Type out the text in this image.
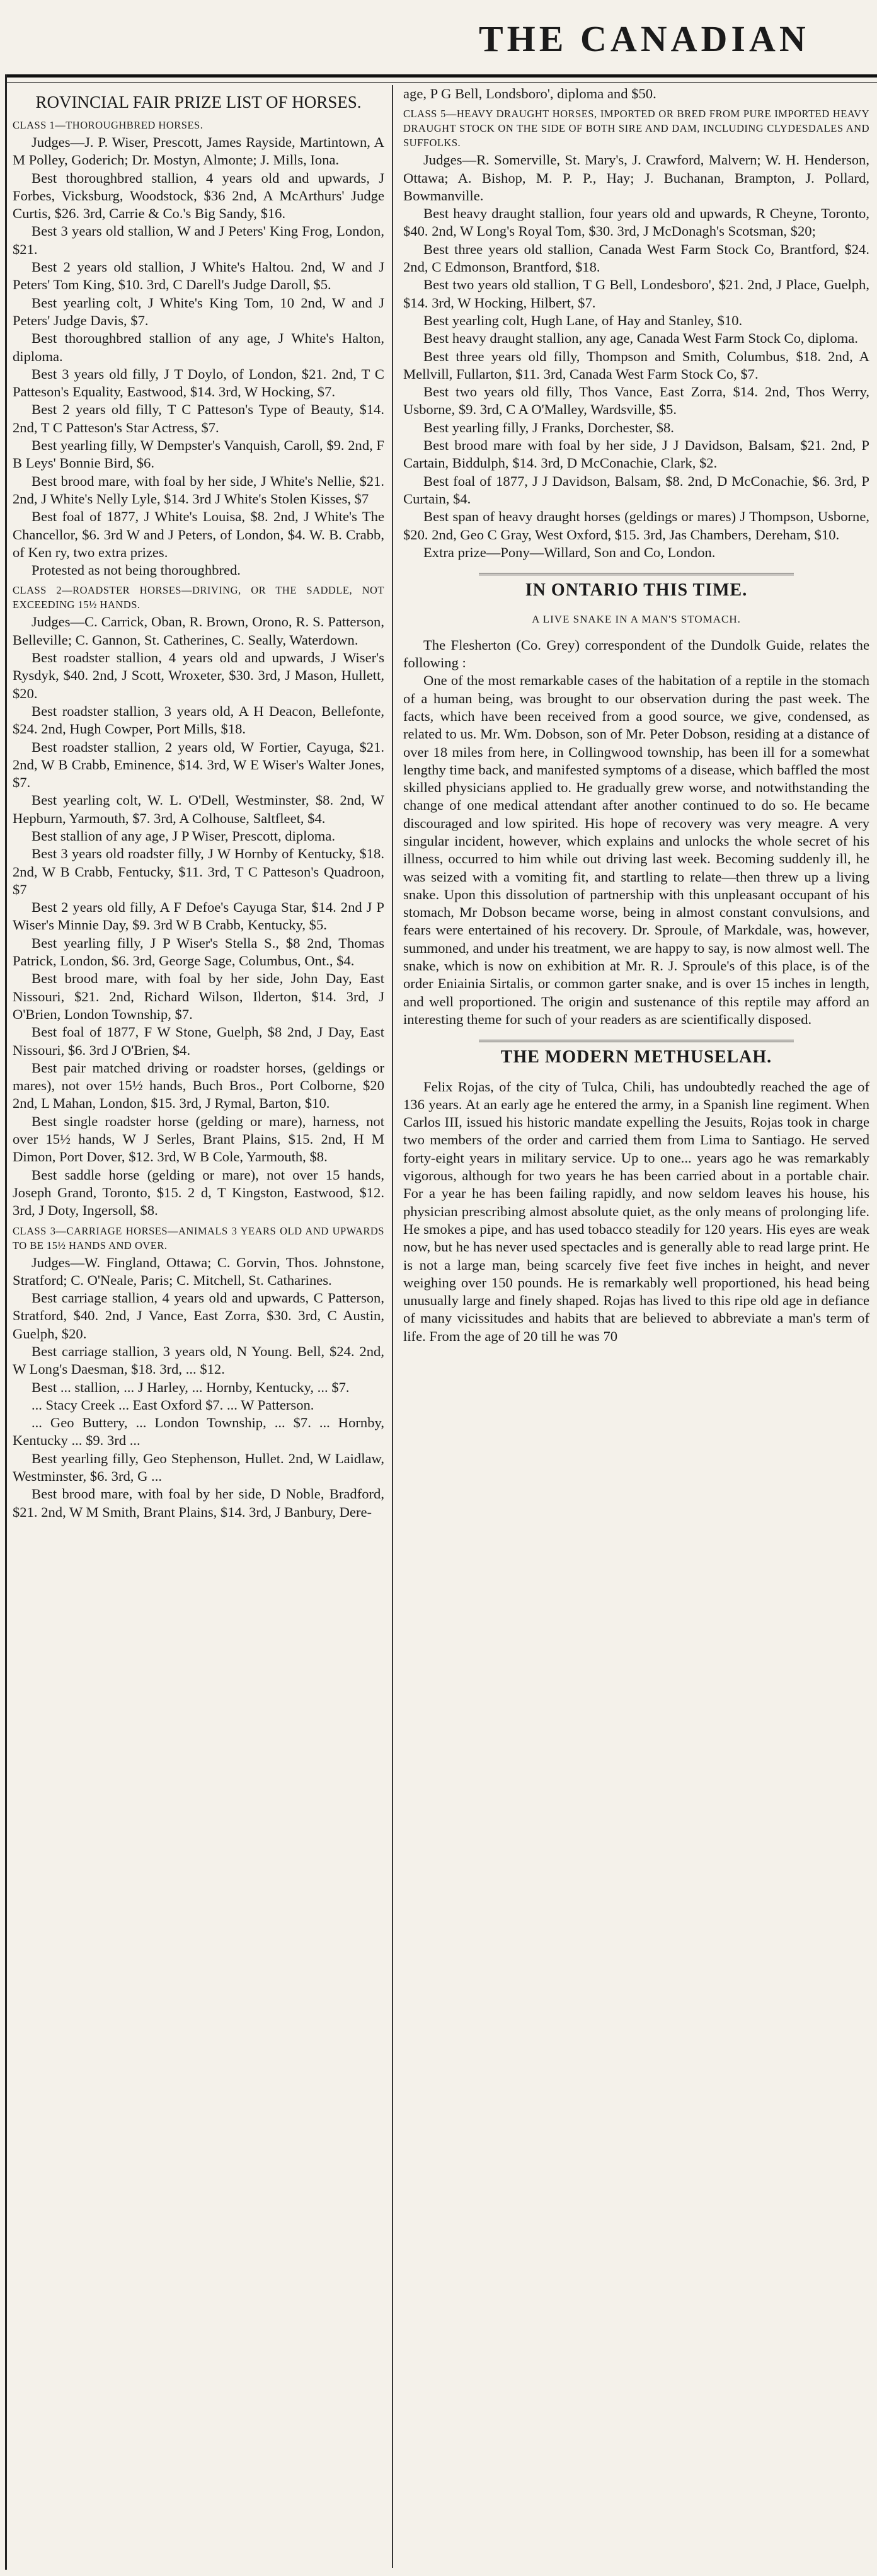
THE CANADIAN
ROVINCIAL FAIR PRIZE LIST OF HORSES.
CLASS 1—THOROUGHBRED HORSES.

Judges—J. P. Wiser, Prescott, James Rayside, Martintown, A M Polley, Goderich; Dr. Mostyn, Almonte; J. Mills, Iona.

Best thoroughbred stallion, 4 years old and upwards, J Forbes, Vicksburg, Woodstock, $36 2nd, A McArthurs' Judge Curtis, $26. 3rd, Carrie & Co.'s Big Sandy, $16.

Best 3 years old stallion, W and J Peters' King Frog, London, $21.

Best 2 years old stallion, J White's Haltou. 2nd, W and J Peters' Tom King, $10. 3rd, C Darell's Judge Daroll, $5.

Best yearling colt, J White's King Tom, 10 2nd, W and J Peters' Judge Davis, $7.

Best thoroughbred stallion of any age, J White's Halton, diploma.

Best 3 years old filly, J T Doylo, of London, $21. 2nd, T C Patteson's Equality, Eastwood, $14. 3rd, W Hocking, $7.

Best 2 years old filly, T C Patteson's Type of Beauty, $14. 2nd, T C Patteson's Star Actress, $7.

Best yearling filly, W Dempster's Vanquish, Caroll, $9. 2nd, F B Leys' Bonnie Bird, $6.

Best brood mare, with foal by her side, J White's Nellie, $21. 2nd, J White's Nelly Lyle, $14. 3rd J White's Stolen Kisses, $7

Best foal of 1877, J White's Louisa, $8. 2nd, J White's The Chancellor, $6. 3rd W and J Peters, of London, $4. W. B. Crabb, of Ken ry, two extra prizes.

Protested as not being thoroughbred.

CLASS 2—ROADSTER HORSES—DRIVING, OR THE SADDLE, NOT EXCEEDING 15½ HANDS.

Judges—C. Carrick, Oban, R. Brown, Orono, R. S. Patterson, Belleville; C. Gannon, St. Catherines, C. Seally, Waterdown.

Best roadster stallion, 4 years old and upwards, J Wiser's Rysdyk, $40. 2nd, J Scott, Wroxeter, $30. 3rd, J Mason, Hullett, $20.

Best roadster stallion, 3 years old, A H Deacon, Bellefonte, $24. 2nd, Hugh Cowper, Port Mills, $18.

Best roadster stallion, 2 years old, W Fortier, Cayuga, $21. 2nd, W B Crabb, Eminence, $14. 3rd, W E Wiser's Walter Jones, $7.

Best yearling colt, W. L. O'Dell, Westminster, $8. 2nd, W Hepburn, Yarmouth, $7. 3rd, A Colhouse, Saltfleet, $4.

Best stallion of any age, J P Wiser, Prescott, diploma.

Best 3 years old roadster filly, J W Hornby of Kentucky, $18. 2nd, W B Crabb, Fentucky, $11. 3rd, T C Patteson's Quadroon, $7

Best 2 years old filly, A F Defoe's Cayuga Star, $14. 2nd J P Wiser's Minnie Day, $9. 3rd W B Crabb, Kentucky, $5.

Best yearling filly, J P Wiser's Stella S., $8 2nd, Thomas Patrick, London, $6. 3rd, George Sage, Columbus, Ont., $4.

Best brood mare, with foal by her side, John Day, East Nissouri, $21. 2nd, Richard Wilson, Ilderton, $14. 3rd, J O'Brien, London Township, $7.

Best foal of 1877, F W Stone, Guelph, $8 2nd, J Day, East Nissouri, $6. 3rd J O'Brien, $4.

Best pair matched driving or roadster horses, (geldings or mares), not over 15½ hands, Buch Bros., Port Colborne, $20 2nd, L Mahan, London, $15. 3rd, J Rymal, Barton, $10.

Best single roadster horse (gelding or mare), harness, not over 15½ hands, W J Serles, Brant Plains, $15. 2nd, H M Dimon, Port Dover, $12. 3rd, W B Cole, Yarmouth, $8.

Best saddle horse (gelding or mare), not over 15 hands, Joseph Grand, Toronto, $15. 2 d, T Kingston, Eastwood, $12. 3rd, J Doty, Ingersoll, $8.

CLASS 3—CARRIAGE HORSES—ANIMALS 3 YEARS OLD AND UPWARDS TO BE 15½ HANDS AND OVER.

Judges—W. Fingland, Ottawa; C. Gorvin, Thos. Johnstone, Stratford; C. O'Neale, Paris; C. Mitchell, St. Catharines.

Best carriage stallion, 4 years old and upwards, C Patterson, Stratford, $40. 2nd, J Vance, East Zorra, $30. 3rd, C Austin, Guelph, $20.

Best carriage stallion, 3 years old, N Young. Bell, $24. 2nd, W Long's Daesman, $18. 3rd, ... $12.

Best ... stallion, ... J Harley, ... Hornby, Kentucky, ... $7.

... Stacy Creek ... East Oxford $7. ... W Patterson.

... Geo Buttery, ... London Township, ... $7. ... Hornby, Kentucky ... $9. 3rd ...

Best yearling filly, Geo Stephenson, Hullet. 2nd, W Laidlaw, Westminster, $6. 3rd, G ...

Best brood mare, with foal by her side, D Noble, Bradford, $21. 2nd, W M Smith, Brant Plains, $14. 3rd, J Banbury, Dere-

age, P G Bell, Londsboro', diploma and $50.

CLASS 5—HEAVY DRAUGHT HORSES, IMPORTED OR BRED FROM PURE IMPORTED HEAVY DRAUGHT STOCK ON THE SIDE OF BOTH SIRE AND DAM, INCLUDING CLYDESDALES AND SUFFOLKS.

Judges—R. Somerville, St. Mary's, J. Crawford, Malvern; W. H. Henderson, Ottawa; A. Bishop, M. P. P., Hay; J. Buchanan, Brampton, J. Pollard, Bowmanville.

Best heavy draught stallion, four years old and upwards, R Cheyne, Toronto, $40. 2nd, W Long's Royal Tom, $30. 3rd, J McDonagh's Scotsman, $20;

Best three years old stallion, Canada West Farm Stock Co, Brantford, $24. 2nd, C Edmonson, Brantford, $18.

Best two years old stallion, T G Bell, Londesboro', $21. 2nd, J Place, Guelph, $14. 3rd, W Hocking, Hilbert, $7.

Best yearling colt, Hugh Lane, of Hay and Stanley, $10.

Best heavy draught stallion, any age, Canada West Farm Stock Co, diploma.

Best three years old filly, Thompson and Smith, Columbus, $18. 2nd, A Mellvill, Fullarton, $11. 3rd, Canada West Farm Stock Co, $7.

Best two years old filly, Thos Vance, East Zorra, $14. 2nd, Thos Werry, Usborne, $9. 3rd, C A O'Malley, Wardsville, $5.

Best yearling filly, J Franks, Dorchester, $8.

Best brood mare with foal by her side, J J Davidson, Balsam, $21. 2nd, P Cartain, Biddulph, $14. 3rd, D McConachie, Clark, $2.

Best foal of 1877, J J Davidson, Balsam, $8. 2nd, D McConachie, $6. 3rd, P Curtain, $4.

Best span of heavy draught horses (geldings or mares) J Thompson, Usborne, $20. 2nd, Geo C Gray, West Oxford, $15. 3rd, Jas Chambers, Dereham, $10.

Extra prize—Pony—Willard, Son and Co, London.

IN ONTARIO THIS TIME.
A LIVE SNAKE IN A MAN'S STOMACH.

The Flesherton (Co. Grey) correspondent of the Dundolk Guide, relates the following :

One of the most remarkable cases of the habitation of a reptile in the stomach of a human being, was brought to our observation during the past week. The facts, which have been received from a good source, we give, condensed, as related to us. Mr. Wm. Dobson, son of Mr. Peter Dobson, residing at a distance of over 18 miles from here, in Collingwood township, has been ill for a somewhat lengthy time back, and manifested symptoms of a disease, which baffled the most skilled physicians applied to. He gradually grew worse, and notwithstanding the change of one medical attendant after another continued to do so. He became discouraged and low spirited. His hope of recovery was very meagre. A very singular incident, however, which explains and unlocks the whole secret of his illness, occurred to him while out driving last week. Becoming suddenly ill, he was seized with a vomiting fit, and startling to relate—then threw up a living snake. Upon this dissolution of partnership with this unpleasant occupant of his stomach, Mr Dobson became worse, being in almost constant convulsions, and fears were entertained of his recovery. Dr. Sproule, of Markdale, was, however, summoned, and under his treatment, we are happy to say, is now almost well. The snake, which is now on exhibition at Mr. R. J. Sproule's of this place, is of the order Eniainia Sirtalis, or common garter snake, and is over 15 inches in length, and well proportioned. The origin and sustenance of this reptile may afford an interesting theme for such of your readers as are scientifically disposed.

THE MODERN METHUSELAH.

Felix Rojas, of the city of Tulca, Chili, has undoubtedly reached the age of 136 years. At an early age he entered the army, in a Spanish line regiment. When Carlos III, issued his historic mandate expelling the Jesuits, Rojas took in charge two members of the order and carried them from Lima to Santiago. He served forty-eight years in military service. Up to one... years ago he was remarkably vigorous, although for two years he has been carried about in a portable chair. For a year he has been failing rapidly, and now seldom leaves his house, his physician prescribing almost absolute quiet, as the only means of prolonging life. He smokes a pipe, and has used tobacco steadily for 120 years. His eyes are weak now, but he has never used spectacles and is generally able to read large print. He is not a large man, being scarcely five feet five inches in height, and never weighing over 150 pounds. He is remarkably well proportioned, his head being unusually large and finely shaped. Rojas has lived to this ripe old age in defiance of many vicissitudes and habits that are believed to abbreviate a man's term of life. From the age of 20 till he was 70
